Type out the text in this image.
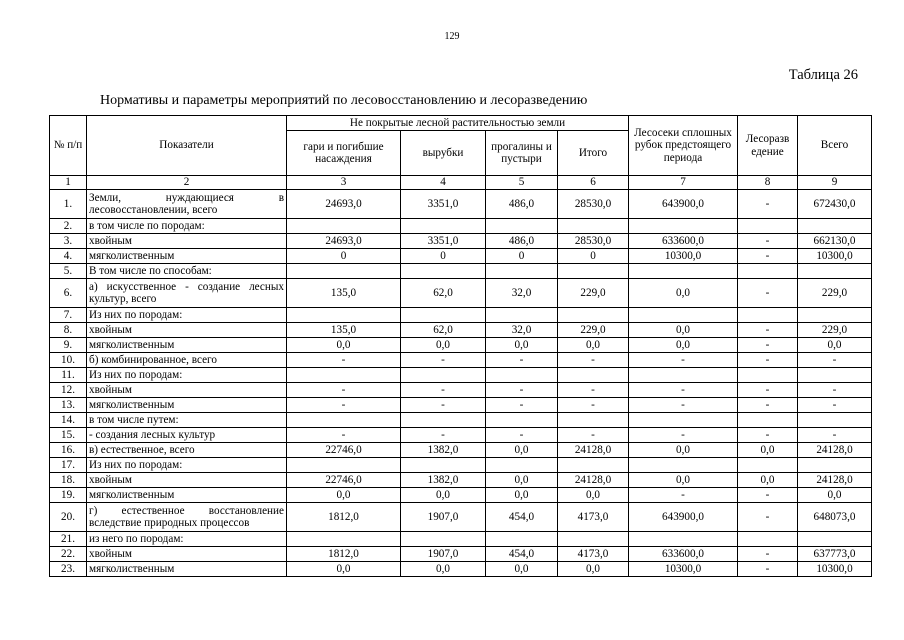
129
Таблица 26
Нормативы и параметры мероприятий по лесовосстановлению и лесоразведению
№ п/п	Показатели	Не покрытые лесной растительностью земли				Лесосеки сплошных рубок предстоящего периода	Лесоразв едение	Всего
		гари и погибшие насаждения	вырубки	прогалины и пустыри	Итого			
1	2	3	4	5	6	7	8	9
1.	Земли, нуждающиеся в лесовосстановлении, всего	24693,0	3351,0	486,0	28530,0	643900,0	-	672430,0
2.	в том числе по породам:							
3.	хвойным	24693,0	3351,0	486,0	28530,0	633600,0	-	662130,0
4.	мягколиственным	0	0	0	0	10300,0	-	10300,0
5.	В том числе по способам:							
6.	а) искусственное - создание лесных культур, всего	135,0	62,0	32,0	229,0	0,0	-	229,0
7.	Из них по породам:							
8.	хвойным	135,0	62,0	32,0	229,0	0,0	-	229,0
9.	мягколиственным	0,0	0,0	0,0	0,0	0,0	-	0,0
10.	б) комбинированное, всего	-	-	-	-	-	-	-
11.	Из них по породам:							
12.	хвойным	-	-	-	-	-	-	-
13.	мягколиственным	-	-	-	-	-	-	-
14.	в том числе путем:							
15.	- создания лесных культур	-	-	-	-	-	-	-
16.	в) естественное, всего	22746,0	1382,0	0,0	24128,0	0,0	0,0	24128,0
17.	Из них по породам:							
18.	хвойным	22746,0	1382,0	0,0	24128,0	0,0	0,0	24128,0
19.	мягколиственным	0,0	0,0	0,0	0,0	-	-	0,0
20.	г) естественное восстановление вследствие природных процессов	1812,0	1907,0	454,0	4173,0	643900,0	-	648073,0
21.	из него по породам:							
22.	хвойным	1812,0	1907,0	454,0	4173,0	633600,0	-	637773,0
23.	мягколиственным	0,0	0,0	0,0	0,0	10300,0	-	10300,0
